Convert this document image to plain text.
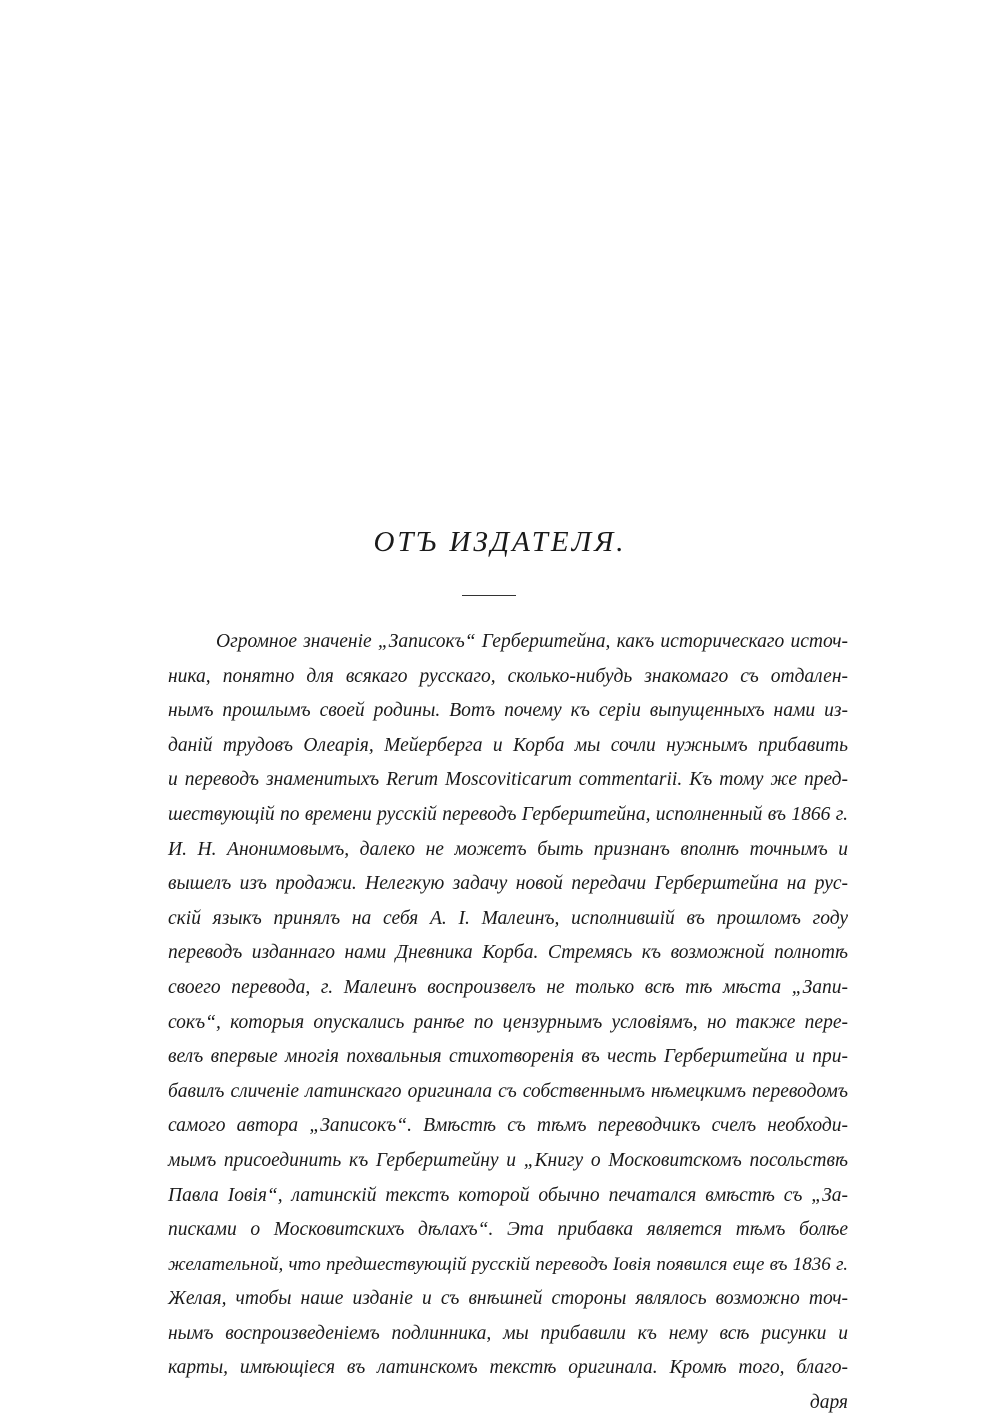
ОТЪ ИЗДАТЕЛЯ.
Огромное значенiе „Записокъ“ Герберштейна, какъ историческаго источ-
ника, понятно для всякаго русскаго, сколько-нибудь знакомаго съ отдален-
нымъ прошлымъ своей родины. Вотъ почему къ серiи выпущенныхъ нами из-
данiй трудовъ Олеарiя, Мейерберга и Корба мы сочли нужнымъ прибавить
и переводъ знаменитыхъ Rerum Moscoviticarum commentarii. Къ тому же пред-
шествующiй по времени русскiй переводъ Герберштейна, исполненный въ 1866 г.
И. Н. Анонимовымъ, далеко не можетъ быть признанъ вполнѣ точнымъ и
вышелъ изъ продажи. Нелегкую задачу новой передачи Герберштейна на рус-
скiй языкъ принялъ на себя А. I. Малеинъ, исполнившiй въ прошломъ году
переводъ изданнаго нами Дневника Корба. Стремясь къ возможной полнотѣ
своего перевода, г. Малеинъ воспроизвелъ не только всѣ тѣ мѣста „Запи-
сокъ“, которыя опускались ранѣе по цензурнымъ условiямъ, но также пере-
велъ впервые многiя похвальныя стихотворенiя въ честь Герберштейна и при-
бавилъ сличенiе латинскаго оригинала съ собственнымъ нѣмецкимъ переводомъ
самого автора „Записокъ“. Вмѣстѣ съ тѣмъ переводчикъ счелъ необходи-
мымъ присоединить къ Герберштейну и „Книгу о Московитскомъ посольствѣ
Павла Iовiя“, латинскiй текстъ которой обычно печатался вмѣстѣ съ „За-
писками о Московитскихъ дѣлахъ“. Эта прибавка является тѣмъ болѣе
желательной, что предшествующiй русскiй переводъ Iовiя появился еще въ 1836 г.
Желая, чтобы наше изданiе и съ внѣшней стороны являлось возможно точ-
нымъ воспроизведенiемъ подлинника, мы прибавили къ нему всѣ рисунки и
карты, имѣющiеся въ латинскомъ текстѣ оригинала. Кромѣ того, благо-
даря
